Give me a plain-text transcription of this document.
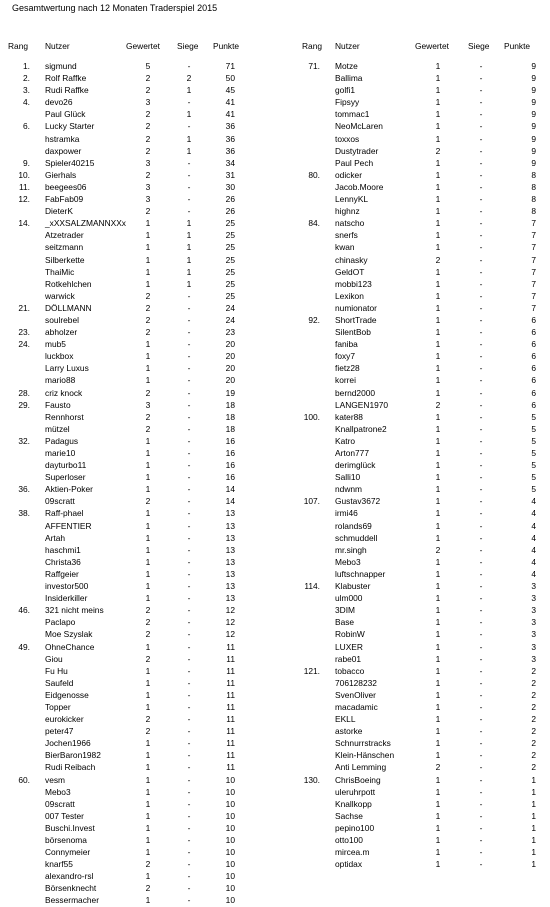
Gesamtwertung nach 12 Monaten Traderspiel 2015
Rang	Nutzer	Gewertet	Siege	Punkte
1. sigmund	5	-	71
2. Rolf Raffke	2	2	50
3. Rudi Raffke	2	1	45
4. devo26	3	-	41
Paul Glück	2	1	41
6. Lucky Starter	2	-	36
hstramka	2	1	36
daxpower	2	1	36
9. Spieler40215	3	-	34
10. Gierhals	2	-	31
11. beegees06	3	-	30
12. FabFab09	3	-	26
DieterK	2	-	26
14. _xXXSALZMANNXXx	1	1	25
Atzetrader	1	1	25
seitzmann	1	1	25
Silberkette	1	1	25
ThaiMic	1	1	25
Rotkehlchen	1	1	25
warwick	2	-	25
21. DÖLLMANN	2	-	24
soulrebel	2	-	24
23. abholzer	2	-	23
24. mub5	1	-	20
luckbox	1	-	20
Larry Luxus	1	-	20
mario88	1	-	20
28. criz knock	2	-	19
29. Fausto	3	-	18
Rennhorst	2	-	18
mützel	2	-	18
32. Padagus	1	-	16
marie10	1	-	16
dayturbo11	1	-	16
Superloser	1	-	16
36. Aktien-Poker	1	-	14
09scratt	2	-	14
38. Raff-phael	1	-	13
AFFENTIER	1	-	13
Artah	1	-	13
haschmi1	1	-	13
Christa36	1	-	13
Raffgeier	1	-	13
investor500	1	-	13
Insiderkiller	1	-	13
46. 321 nicht meins	2	-	12
Paclapo	2	-	12
Moe Szyslak	2	-	12
49. OhneChance	1	-	11
Giou	2	-	11
Fu Hu	1	-	11
Saufeld	1	-	11
Eidgenosse	1	-	11
Topper	1	-	11
eurokicker	2	-	11
peter47	2	-	11
Jochen1966	1	-	11
BierBaron1982	1	-	11
Rudi Reibach	1	-	11
60. vesm	1	-	10
Mebo3	1	-	10
09scratt	1	-	10
007 Tester	1	-	10
Buschi.Invest	1	-	10
börsenoma	1	-	10
Connymeier	1	-	10
knarf55	2	-	10
alexandro-rsl	1	-	10
Börsenknecht	2	-	10
Bessermacher	1	-	10
Rang	Nutzer	Gewertet	Siege	Punkte
71. Motze	1	-	9
Ballima	1	-	9
golfi1	1	-	9
Fipsyy	1	-	9
tommac1	1	-	9
NeoMcLaren	1	-	9
toxxos	1	-	9
Dustytrader	2	-	9
Paul Pech	1	-	9
80. odicker	1	-	8
Jacob.Moore	1	-	8
LennyKL	1	-	8
highnz	1	-	8
84. natscho	1	-	7
snerfs	1	-	7
kwan	1	-	7
chinasky	2	-	7
GeldOT	1	-	7
mobbi123	1	-	7
Lexikon	1	-	7
numionator	1	-	7
92. ShortTrade	1	-	6
SilentBob	1	-	6
faniba	1	-	6
foxy7	1	-	6
fietz28	1	-	6
korrei	1	-	6
bernd2000	1	-	6
LANGEN1970	2	-	6
100. kater88	1	-	5
Knallpatrone2	1	-	5
Katro	1	-	5
Arton777	1	-	5
derimglück	1	-	5
Salli10	1	-	5
ndwnm	1	-	5
107. Gustav3672	1	-	4
irmi46	1	-	4
rolands69	1	-	4
schmuddell	1	-	4
mr.singh	2	-	4
Mebo3	1	-	4
luftschnapper	1	-	4
114. Klabuster	1	-	3
ulm000	1	-	3
3DIM	1	-	3
Base	1	-	3
RobinW	1	-	3
LUXER	1	-	3
rabe01	1	-	3
121. tobacco	1	-	2
706128232	1	-	2
SvenOliver	1	-	2
macadamic	1	-	2
EKLL	1	-	2
astorke	1	-	2
Schnurrstracks	1	-	2
Klein-Hänschen	1	-	2
Anti Lemming	2	-	2
130. ChrisBoeing	1	-	1
uleruhrpott	1	-	1
Knallkopp	1	-	1
Sachse	1	-	1
pepino100	1	-	1
otto100	1	-	1
mircea.m	1	-	1
optidax	1	-	1
